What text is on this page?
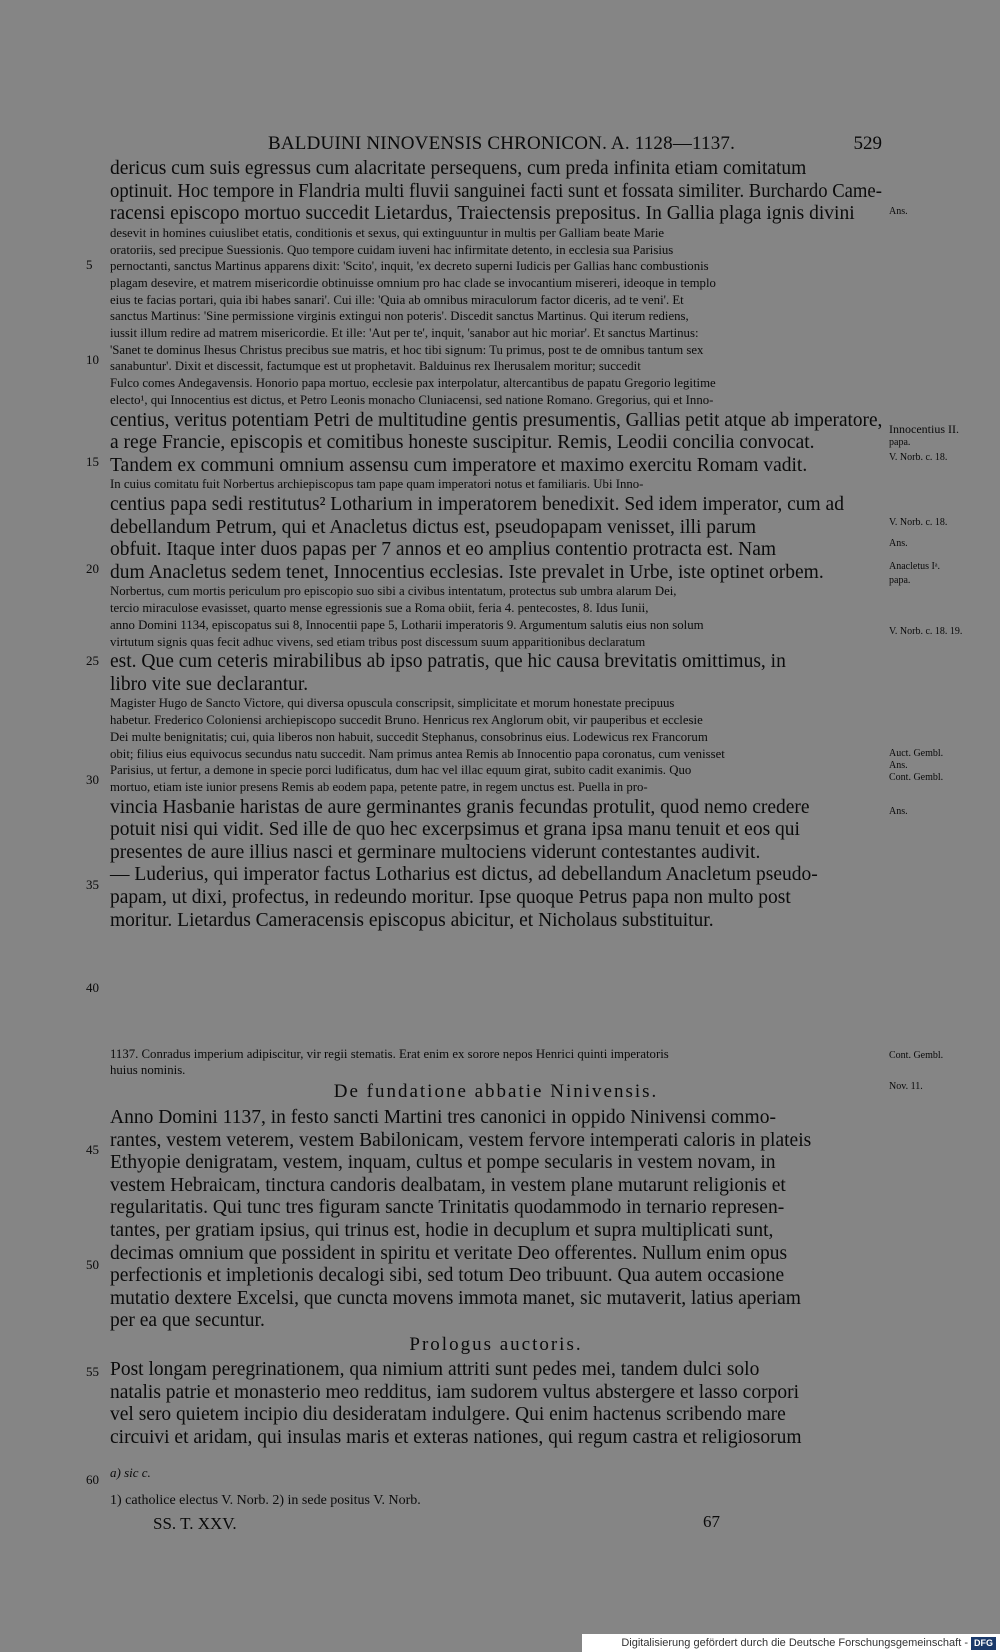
BALDUINI NINOVENSIS CHRONICON. A. 1128—1137.	529
dericus cum suis egressus cum alacritate persequens, cum preda infinita etiam comitatum
optinuit. Hoc tempore in Flandria multi fluvii sanguinei facti sunt et fossata similiter. Burchardo Came-
racensi episcopo mortuo succedit Lietardus, Traiectensis prepositus. In Gallia plaga ignis divini
desevit in homines cuiuslibet etatis, conditionis et sexus, qui extinguuntur in multis per Galliam beate Marie
oratoriis, sed precipue Suessionis. Quo tempore cuidam iuveni hac infirmitate detento, in ecclesia sua Parisius
pernoctanti, sanctus Martinus apparens dixit: 'Scito', inquit, 'ex decreto superni Iudicis per Gallias hanc combustionis
plagam desevire, et matrem misericordie obtinuisse omnium pro hac clade se invocantium misereri, ideoque in templo
eius te facias portari, quia ibi habes sanari'. Cui ille: 'Quia ab omnibus miraculorum factor diceris, ad te veni'. Et
sanctus Martinus: 'Sine permissione virginis extingui non poteris'. Discedit sanctus Martinus. Qui iterum rediens,
iussit illum redire ad matrem misericordie. Et ille: 'Aut per te', inquit, 'sanabor aut hic moriar'. Et sanctus Martinus:
'Sanet te dominus Ihesus Christus precibus sue matris, et hoc tibi signum: Tu primus, post te de omnibus tantum sex
sanabuntur'. Dixit et discessit, factumque est ut prophetavit. Balduinus rex Iherusalem moritur; succedit
Fulco comes Andegavensis. Honorio papa mortuo, ecclesie pax interpolatur, altercantibus de papatu Gregorio legitime
electo¹, qui Innocentius est dictus, et Petro Leonis monacho Cluniacensi, sed natione Romano. Gregorius, qui et Inno-
centius, veritus potentiam Petri de multitudine gentis presumentis, Gallias petit atque ab imperatore,
a rege Francie, episcopis et comitibus honeste suscipitur. Remis, Leodii concilia convocat.
Tandem ex communi omnium assensu cum imperatore et maximo exercitu Romam vadit.
In cuius comitatu fuit Norbertus archiepiscopus tam pape quam imperatori notus et familiaris. Ubi Inno-
centius papa sedi restitutus² Lotharium in imperatorem benedixit. Sed idem imperator, cum ad
debellandum Petrum, qui et Anacletus dictus est, pseudopapam venisset, illi parum
obfuit. Itaque inter duos papas per 7 annos et eo amplius contentio protracta est. Nam
dum Anacletus sedem tenet, Innocentius ecclesias. Iste prevalet in Urbe, iste optinet orbem.
Norbertus, cum mortis periculum pro episcopio suo sibi a civibus intentatum, protectus sub umbra alarum Dei,
tercio miraculose evasisset, quarto mense egressionis sue a Roma obiit, feria 4. pentecostes, 8. Idus Iunii,
anno Domini 1134, episcopatus sui 8, Innocentii pape 5, Lotharii imperatoris 9. Argumentum salutis eius non solum
virtutum signis quas fecit adhuc vivens, sed etiam tribus post discessum suum apparitionibus declaratum
est. Que cum ceteris mirabilibus ab ipso patratis, que hic causa brevitatis omittimus, in
libro vite sue declarantur.
Magister Hugo de Sancto Victore, qui diversa opuscula conscripsit, simplicitate et morum honestate precipuus
habetur. Frederico Coloniensi archiepiscopo succedit Bruno. Henricus rex Anglorum obit, vir pauperibus et ecclesie
Dei multe benignitatis; cui, quia liberos non habuit, succedit Stephanus, consobrinus eius. Lodewicus rex Francorum
obit; filius eius equivocus secundus natu succedit. Nam primus antea Remis ab Innocentio papa coronatus, cum venisset
Parisius, ut fertur, a demone in specie porci ludificatus, dum hac vel illac equum girat, subito cadit exanimis. Quo
mortuo, etiam iste iunior presens Remis ab eodem papa, petente patre, in regem unctus est. Puella in pro-
vincia Hasbanie haristas de aure germinantes granis fecundas protulit, quod nemo credere
potuit nisi qui vidit. Sed ille de quo hec excerpsimus et grana ipsa manu tenuit et eos qui
presentes de aure illius nasci et germinare multociens viderunt contestantes audivit.
— Luderius, qui imperator factus Lotharius est dictus, ad debellandum Anacletum pseudo-
papam, ut dixi, profectus, in redeundo moritur. Ipse quoque Petrus papa non multo post
moritur. Lietardus Cameracensis episcopus abicitur, et Nicholaus substituitur.
1137. Conradus imperium adipiscitur, vir regii stematis. Erat enim ex sorore nepos Henrici quinti imperatoris
huius nominis.
De fundatione abbatie Ninivensis.
Anno Domini 1137, in festo sancti Martini tres canonici in oppido Ninivensi commo-
rantes, vestem veterem, vestem Babilonicam, vestem fervore intemperati caloris in plateis
Ethyopie denigratam, vestem, inquam, cultus et pompe secularis in vestem novam, in
vestem Hebraicam, tinctura candoris dealbatam, in vestem plane mutarunt religionis et
regularitatis. Qui tunc tres figuram sancte Trinitatis quodammodo in ternario represen-
tantes, per gratiam ipsius, qui trinus est, hodie in decuplum et supra multiplicati sunt,
decimas omnium que possident in spiritu et veritate Deo offerentes. Nullum enim opus
perfectionis et impletionis decalogi sibi, sed totum Deo tribuunt. Qua autem occasione
mutatio dextere Excelsi, que cuncta movens immota manet, sic mutaverit, latius aperiam
per ea que secuntur.
Prologus auctoris.
Post longam peregrinationem, qua nimium attriti sunt pedes mei, tandem dulci solo
natalis patrie et monasterio meo redditus, iam sudorem vultus abstergere et lasso corpori
vel sero quietem incipio diu desideratam indulgere. Qui enim hactenus scribendo mare
circuivi et aridam, qui insulas maris et exteras nationes, qui regum castra et religiosorum
5
10
15
20
25
30
35
40
45
50
55
60
Ans.
Innocentius II.
papa.
V. Norb. c. 18.
V. Norb. c. 18.
Ans.
Anacletus Iᵃ.
papa.
V. Norb. c. 18. 19.
Auct. Gembl.
Ans.
Cont. Gembl.
Ans.
Cont. Gembl.
Nov. 11.
a) sic c.
1) catholice electus V. Norb. 2) in sede positus V. Norb.
SS. T. XXV.	67
Digitalisierung gefördert durch die Deutsche Forschungsgemeinschaft - DFG
